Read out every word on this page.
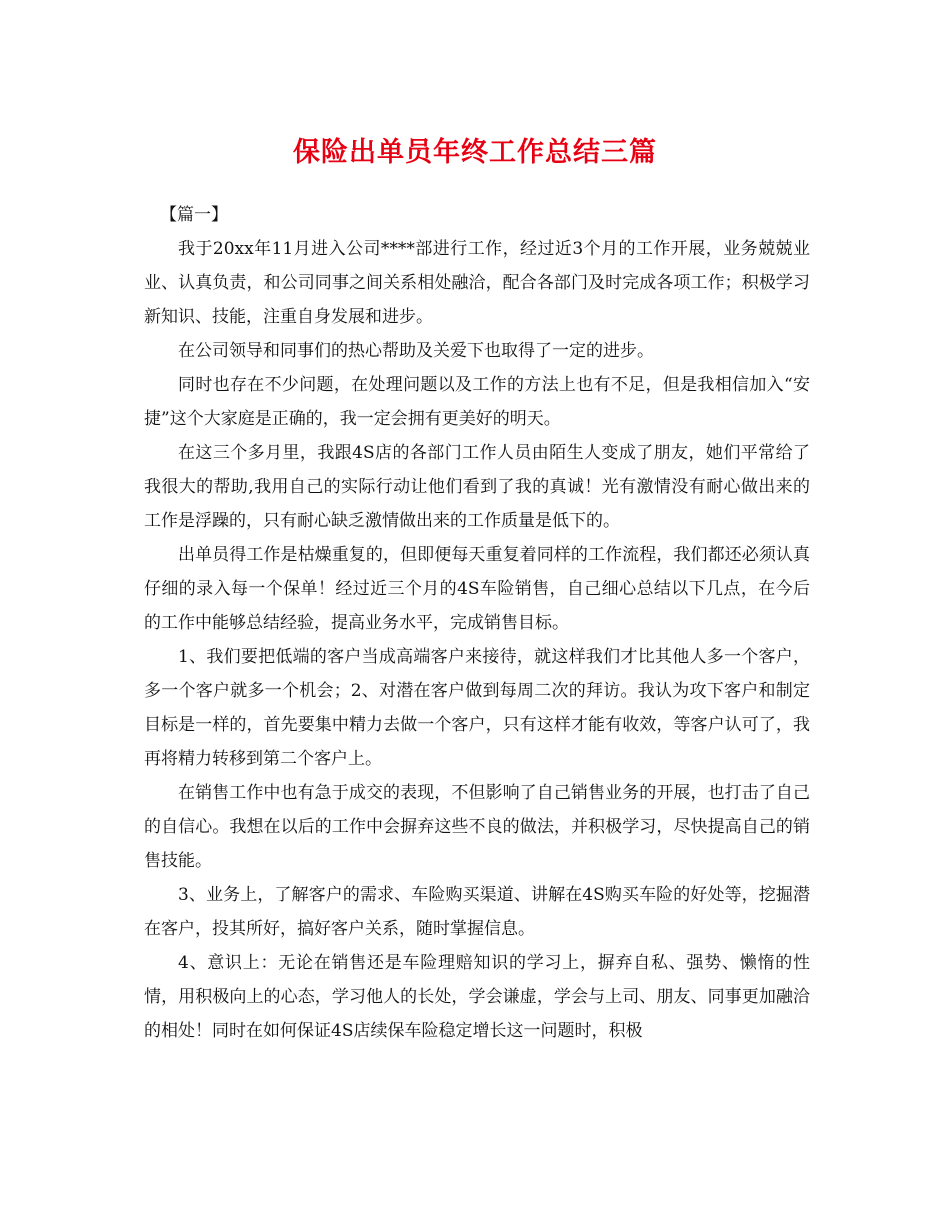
保险出单员年终工作总结三篇

【篇一】

我于20xx年11月进入公司****部进行工作，经过近3个月的工作开展，业务兢兢业业、认真负责，和公司同事之间关系相处融洽，配合各部门及时完成各项工作；积极学习新知识、技能，注重自身发展和进步。

在公司领导和同事们的热心帮助及关爱下也取得了一定的进步。

同时也存在不少问题，在处理问题以及工作的方法上也有不足，但是我相信加入“安捷”这个大家庭是正确的，我一定会拥有更美好的明天。

在这三个多月里，我跟4S店的各部门工作人员由陌生人变成了朋友，她们平常给了我很大的帮助,我用自己的实际行动让他们看到了我的真诚！光有激情没有耐心做出来的工作是浮躁的，只有耐心缺乏激情做出来的工作质量是低下的。

出单员得工作是枯燥重复的，但即便每天重复着同样的工作流程，我们都还必须认真仔细的录入每一个保单！经过近三个月的4S车险销售，自己细心总结以下几点，在今后的工作中能够总结经验，提高业务水平，完成销售目标。

1、我们要把低端的客户当成高端客户来接待，就这样我们才比其他人多一个客户，多一个客户就多一个机会；2、对潜在客户做到每周二次的拜访。我认为攻下客户和制定目标是一样的，首先要集中精力去做一个客户，只有这样才能有收效，等客户认可了，我再将精力转移到第二个客户上。

在销售工作中也有急于成交的表现，不但影响了自己销售业务的开展，也打击了自己的自信心。我想在以后的工作中会摒弃这些不良的做法，并积极学习，尽快提高自己的销售技能。

3、业务上，了解客户的需求、车险购买渠道、讲解在4S购买车险的好处等，挖掘潜在客户，投其所好，搞好客户关系，随时掌握信息。

4、意识上：无论在销售还是车险理赔知识的学习上，摒弃自私、强势、懒惰的性情，用积极向上的心态，学习他人的长处，学会谦虚，学会与上司、朋友、同事更加融洽的相处！同时在如何保证4S店续保车险稳定增长这一问题时，积极
